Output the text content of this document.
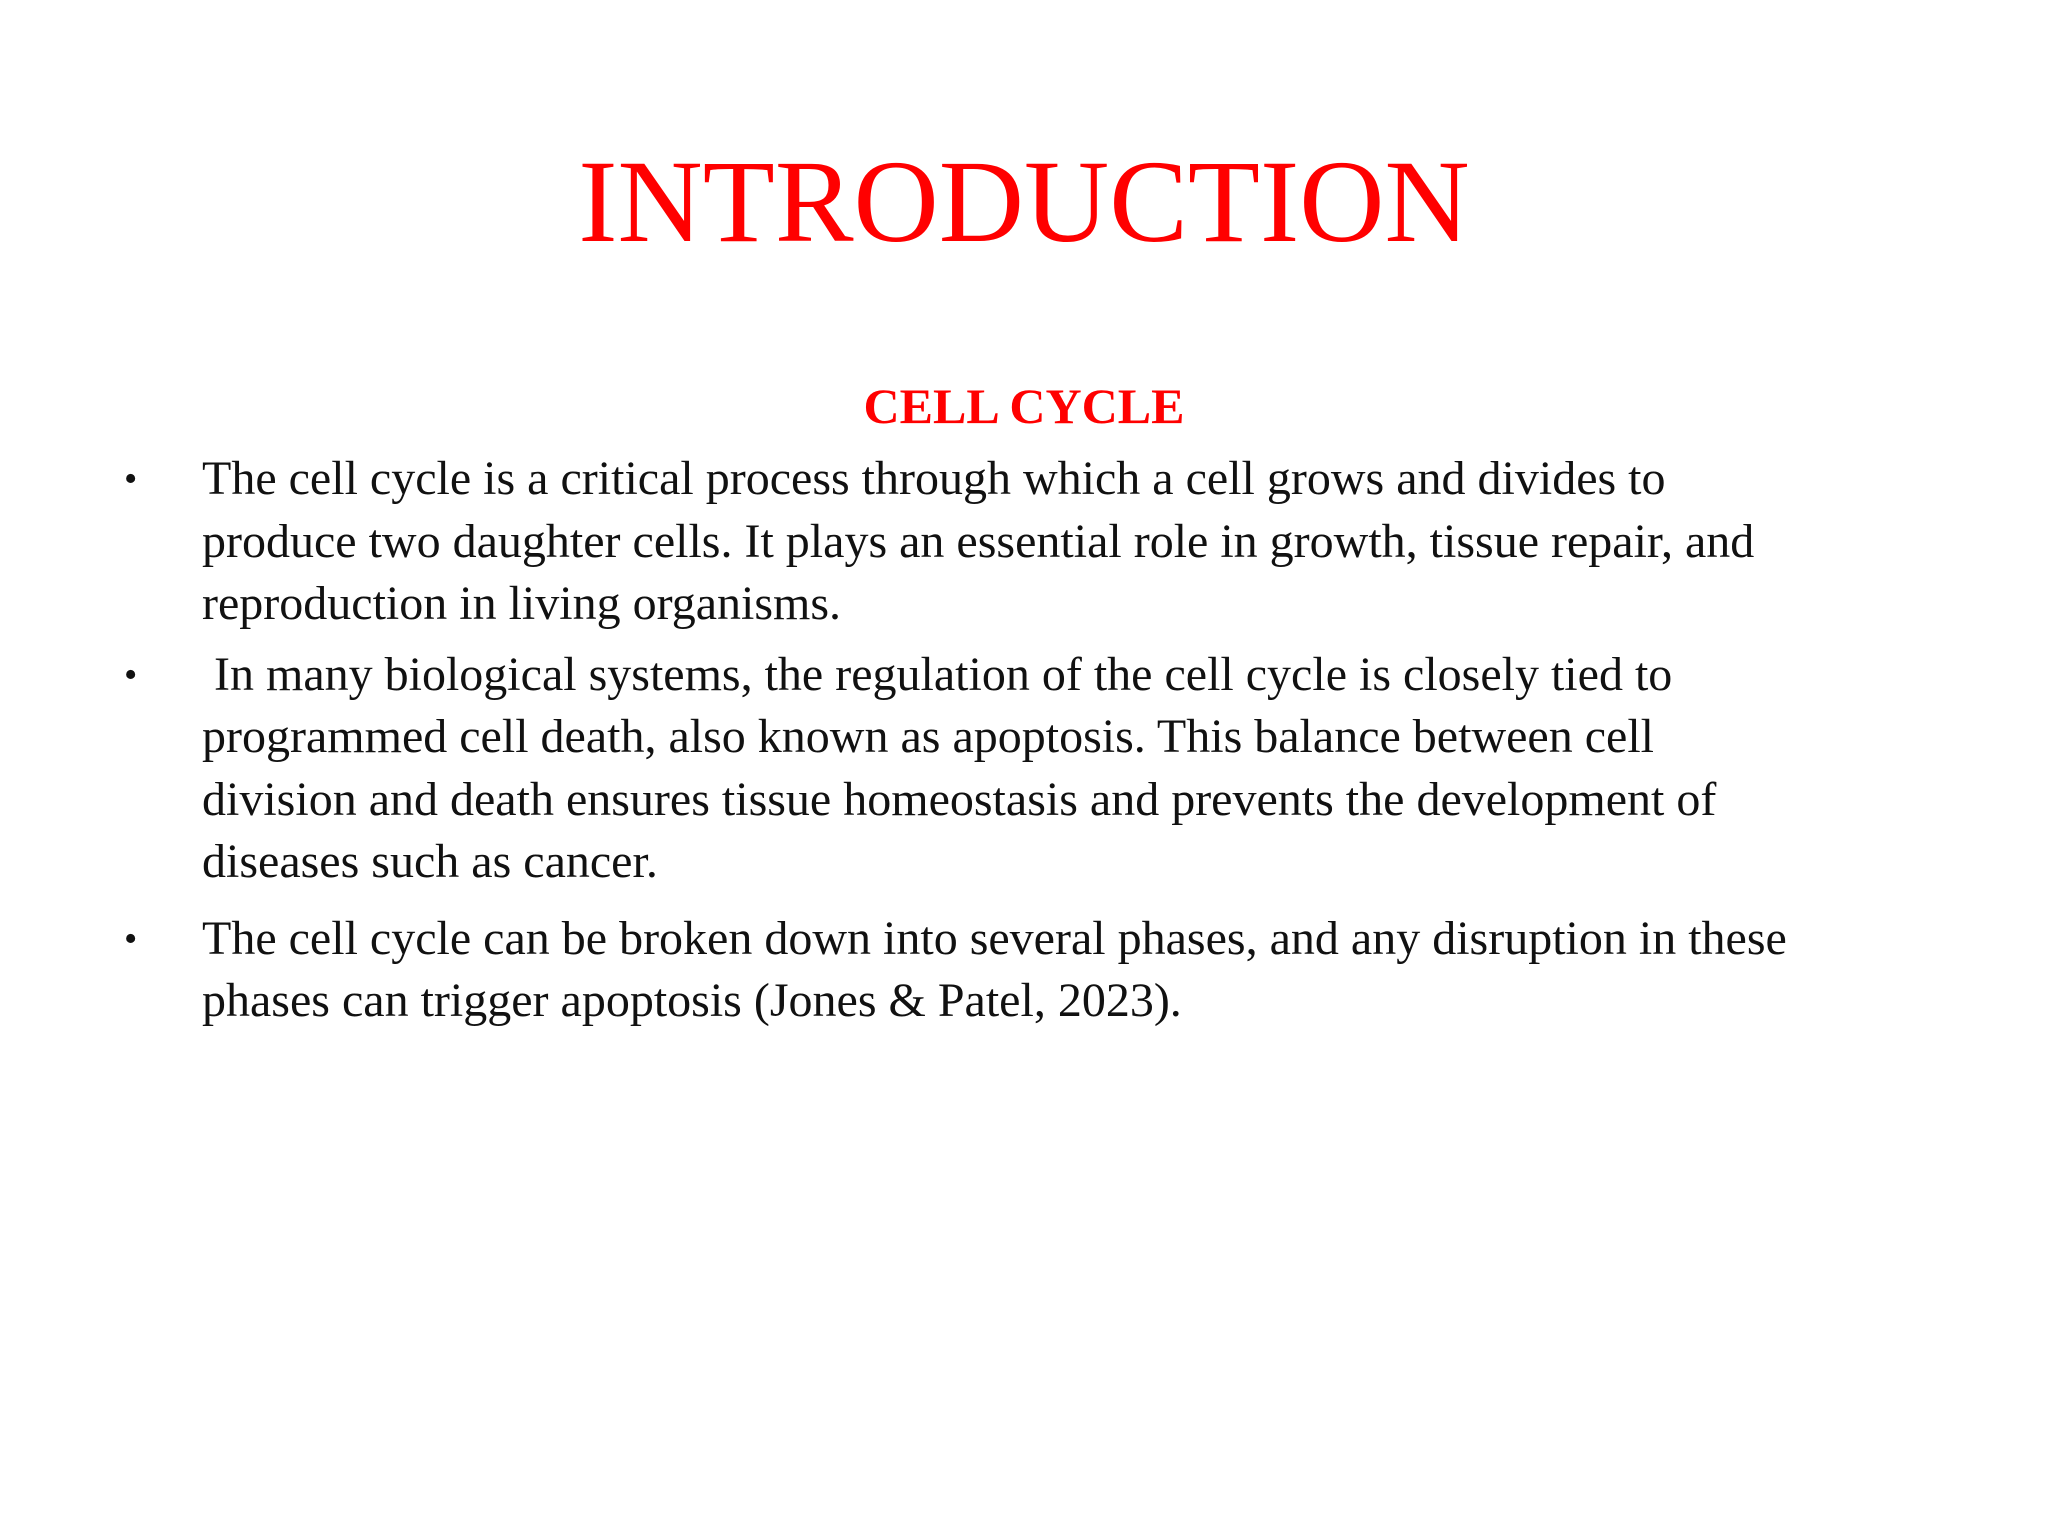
INTRODUCTION
CELL CYCLE
• The cell cycle is a critical process through which a cell grows and divides to
produce two daughter cells. It plays an essential role in growth, tissue repair, and
reproduction in living organisms.
• In many biological systems, the regulation of the cell cycle is closely tied to
programmed cell death, also known as apoptosis. This balance between cell
division and death ensures tissue homeostasis and prevents the development of
diseases such as cancer.
• The cell cycle can be broken down into several phases, and any disruption in these
phases can trigger apoptosis (Jones & Patel, 2023).
